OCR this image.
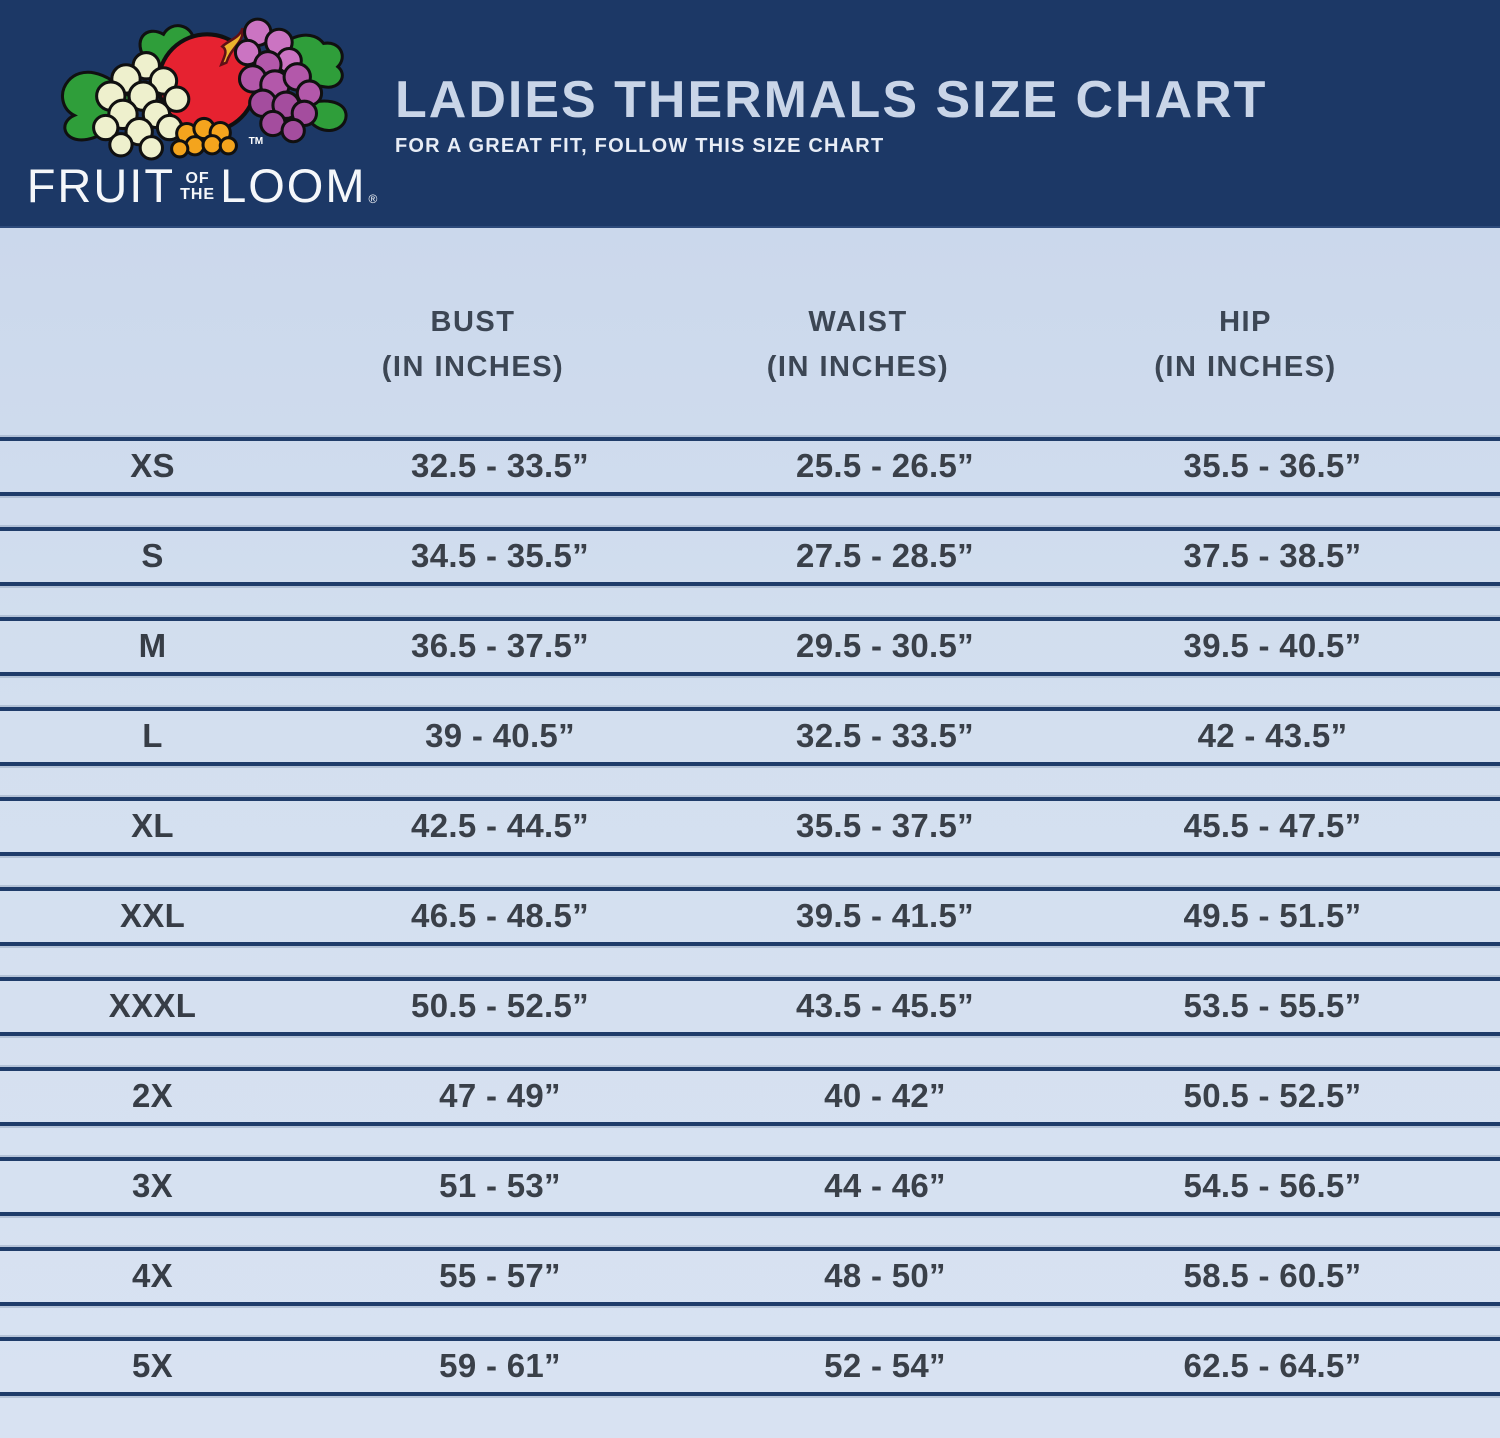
TM
FRUIT OF
THE LOOM ®
LADIES THERMALS SIZE CHART

FOR A GREAT FIT, FOLLOW THIS SIZE CHART

BUST
(IN INCHES)
WAIST
(IN INCHES)
HIP
(IN INCHES)
XS	32.5 - 33.5”	25.5 - 26.5”	35.5 - 36.5”
S	34.5 - 35.5”	27.5 - 28.5”	37.5 - 38.5”
M	36.5 - 37.5”	29.5 - 30.5”	39.5 - 40.5”
L	39 - 40.5”	32.5 - 33.5”	42 - 43.5”
XL	42.5 - 44.5”	35.5 - 37.5”	45.5 - 47.5”
XXL	46.5 - 48.5”	39.5 - 41.5”	49.5 - 51.5”
XXXL	50.5 - 52.5”	43.5 - 45.5”	53.5 - 55.5”
2X	47 - 49”	40 - 42”	50.5 - 52.5”
3X	51 - 53”	44 - 46”	54.5 - 56.5”
4X	55 - 57”	48 - 50”	58.5 - 60.5”
5X	59 - 61”	52 - 54”	62.5 - 64.5”
